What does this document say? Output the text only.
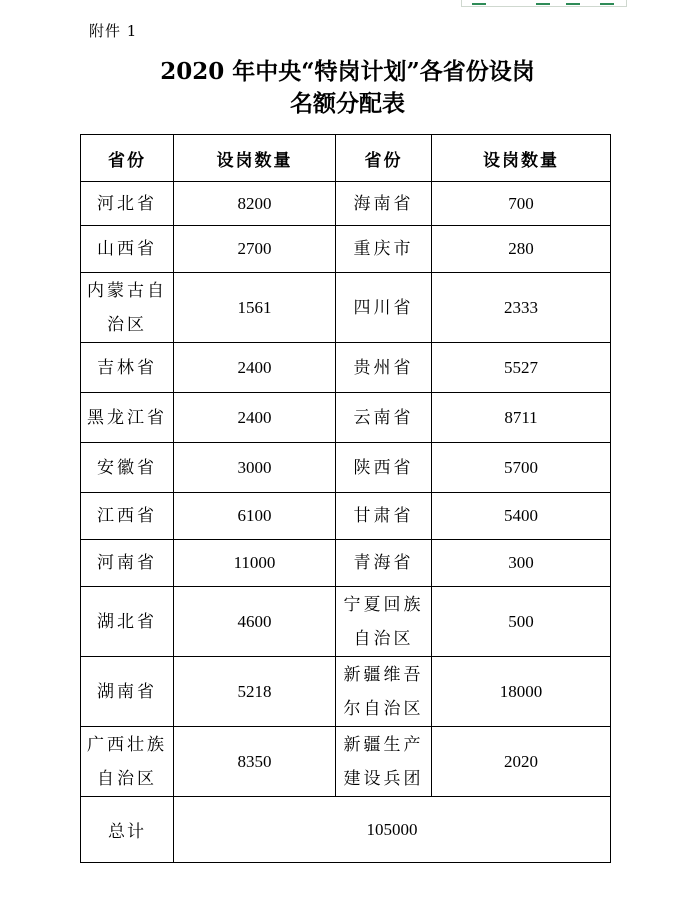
附件 1
2020 年中央“特岗计划”各省份设岗
名额分配表
省份	设岗数量	省份	设岗数量
河北省	8200	海南省	700
山西省	2700	重庆市	280
内蒙古自治区	1561	四川省	2333
吉林省	2400	贵州省	5527
黑龙江省	2400	云南省	8711
安徽省	3000	陕西省	5700
江西省	6100	甘肃省	5400
河南省	11000	青海省	300
湖北省	4600	宁夏回族自治区	500
湖南省	5218	新疆维吾尔自治区	18000
广西壮族自治区	8350	新疆生产建设兵团	2020
总计	105000		
